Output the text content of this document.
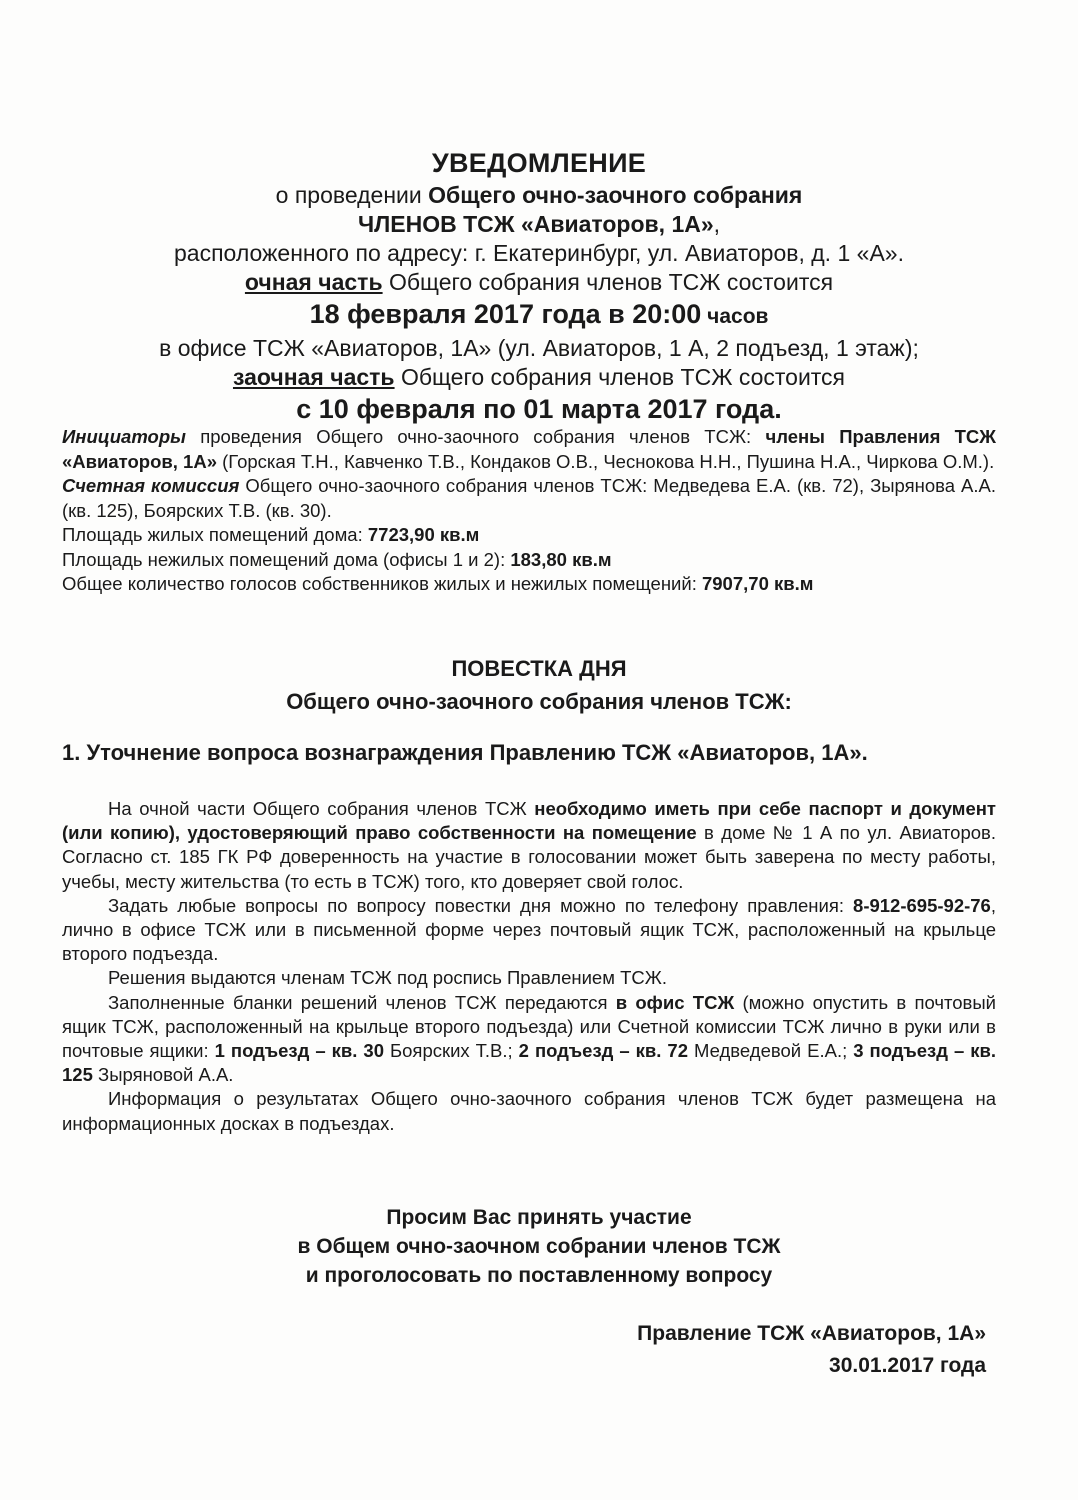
УВЕДОМЛЕНИЕ
о проведении Общего очно-заочного собрания
ЧЛЕНОВ ТСЖ «Авиаторов, 1А»,
расположенного по адресу: г. Екатеринбург, ул. Авиаторов, д. 1 «А».
очная часть Общего собрания членов ТСЖ состоится
18 февраля 2017 года в 20:00 часов
в офисе ТСЖ «Авиаторов, 1А» (ул. Авиаторов, 1 А, 2 подъезд, 1 этаж);
заочная часть Общего собрания членов ТСЖ состоится
с 10 февраля по 01 марта 2017 года.

Инициаторы проведения Общего очно-заочного собрания членов ТСЖ: члены Правления ТСЖ «Авиаторов, 1А» (Горская Т.Н., Кавченко Т.В., Кондаков О.В., Чеснокова Н.Н., Пушина Н.А., Чиркова О.М.).

Счетная комиссия Общего очно-заочного собрания членов ТСЖ: Медведева Е.А. (кв. 72), Зырянова А.А. (кв. 125), Боярских Т.В. (кв. 30).

Площадь жилых помещений дома: 7723,90 кв.м

Площадь нежилых помещений дома (офисы 1 и 2): 183,80 кв.м

Общее количество голосов собственников жилых и нежилых помещений: 7907,70 кв.м

ПОВЕСТКА ДНЯ
Общего очно-заочного собрания членов ТСЖ:
1. Уточнение вопроса вознаграждения Правлению ТСЖ «Авиаторов, 1А».

На очной части Общего собрания членов ТСЖ необходимо иметь при себе паспорт и документ (или копию), удостоверяющий право собственности на помещение в доме № 1 А по ул. Авиаторов. Согласно ст. 185 ГК РФ доверенность на участие в голосовании может быть заверена по месту работы, учебы, месту жительства (то есть в ТСЖ) того, кто доверяет свой голос.

Задать любые вопросы по вопросу повестки дня можно по телефону правления: 8-912-695-92-76, лично в офисе ТСЖ или в письменной форме через почтовый ящик ТСЖ, расположенный на крыльце второго подъезда.

Решения выдаются членам ТСЖ под роспись Правлением ТСЖ.

Заполненные бланки решений членов ТСЖ передаются в офис ТСЖ (можно опустить в почтовый ящик ТСЖ, расположенный на крыльце второго подъезда) или Счетной комиссии ТСЖ лично в руки или в почтовые ящики: 1 подъезд – кв. 30 Боярских Т.В.; 2 подъезд – кв. 72 Медведевой Е.А.; 3 подъезд – кв. 125 Зыряновой А.А.

Информация о результатах Общего очно-заочного собрания членов ТСЖ будет размещена на информационных досках в подъездах.

Просим Вас принять участие
в Общем очно-заочном собрании членов ТСЖ
и проголосовать по поставленному вопросу
Правление ТСЖ «Авиаторов, 1А»
30.01.2017 года
